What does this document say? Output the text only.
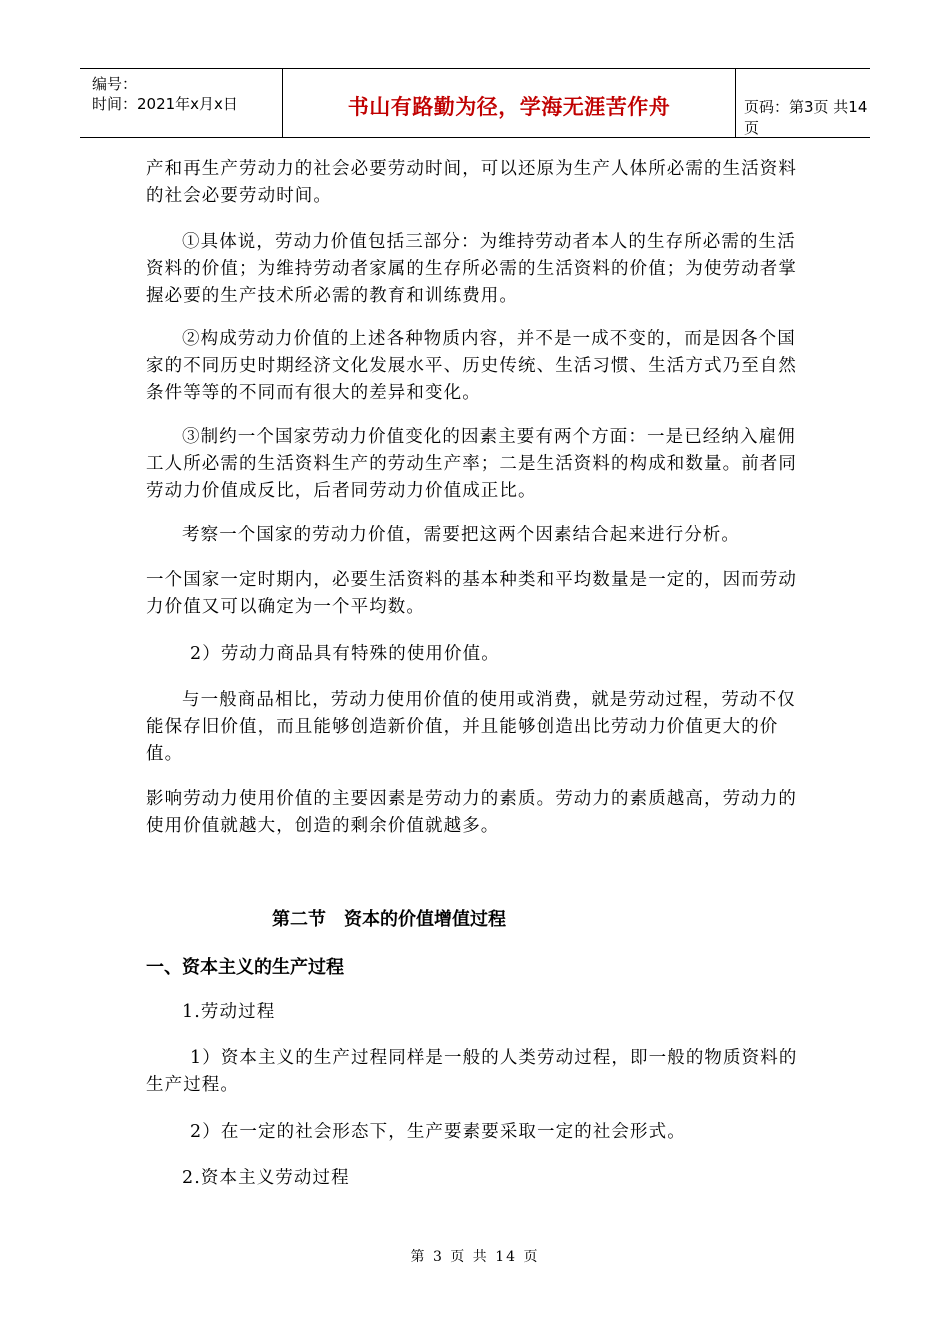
编号：
时间：2021年x月x日	书山有路勤为径，学海无涯苦作舟	页码：第3页 共14页

产和再生产劳动力的社会必要劳动时间，可以还原为生产人体所必需的生活资料的社会必要劳动时间。

①具体说，劳动力价值包括三部分：为维持劳动者本人的生存所必需的生活资料的价值；为维持劳动者家属的生存所必需的生活资料的价值；为使劳动者掌握必要的生产技术所必需的教育和训练费用。

②构成劳动力价值的上述各种物质内容，并不是一成不变的，而是因各个国家的不同历史时期经济文化发展水平、历史传统、生活习惯、生活方式乃至自然条件等等的不同而有很大的差异和变化。

③制约一个国家劳动力价值变化的因素主要有两个方面：一是已经纳入雇佣工人所必需的生活资料生产的劳动生产率；二是生活资料的构成和数量。前者同劳动力价值成反比，后者同劳动力价值成正比。

考察一个国家的劳动力价值，需要把这两个因素结合起来进行分析。

一个国家一定时期内，必要生活资料的基本种类和平均数量是一定的，因而劳动力价值又可以确定为一个平均数。

2）劳动力商品具有特殊的使用价值。

与一般商品相比，劳动力使用价值的使用或消费，就是劳动过程，劳动不仅能保存旧价值，而且能够创造新价值，并且能够创造出比劳动力价值更大的价值。

影响劳动力使用价值的主要因素是劳动力的素质。劳动力的素质越高，劳动力的使用价值就越大，创造的剩余价值就越多。

第二节　资本的价值增值过程
一、资本主义的生产过程

1.劳动过程

1）资本主义的生产过程同样是一般的人类劳动过程，即一般的物质资料的生产过程。

2）在一定的社会形态下，生产要素要采取一定的社会形式。

2.资本主义劳动过程

第 3 页 共 14 页
